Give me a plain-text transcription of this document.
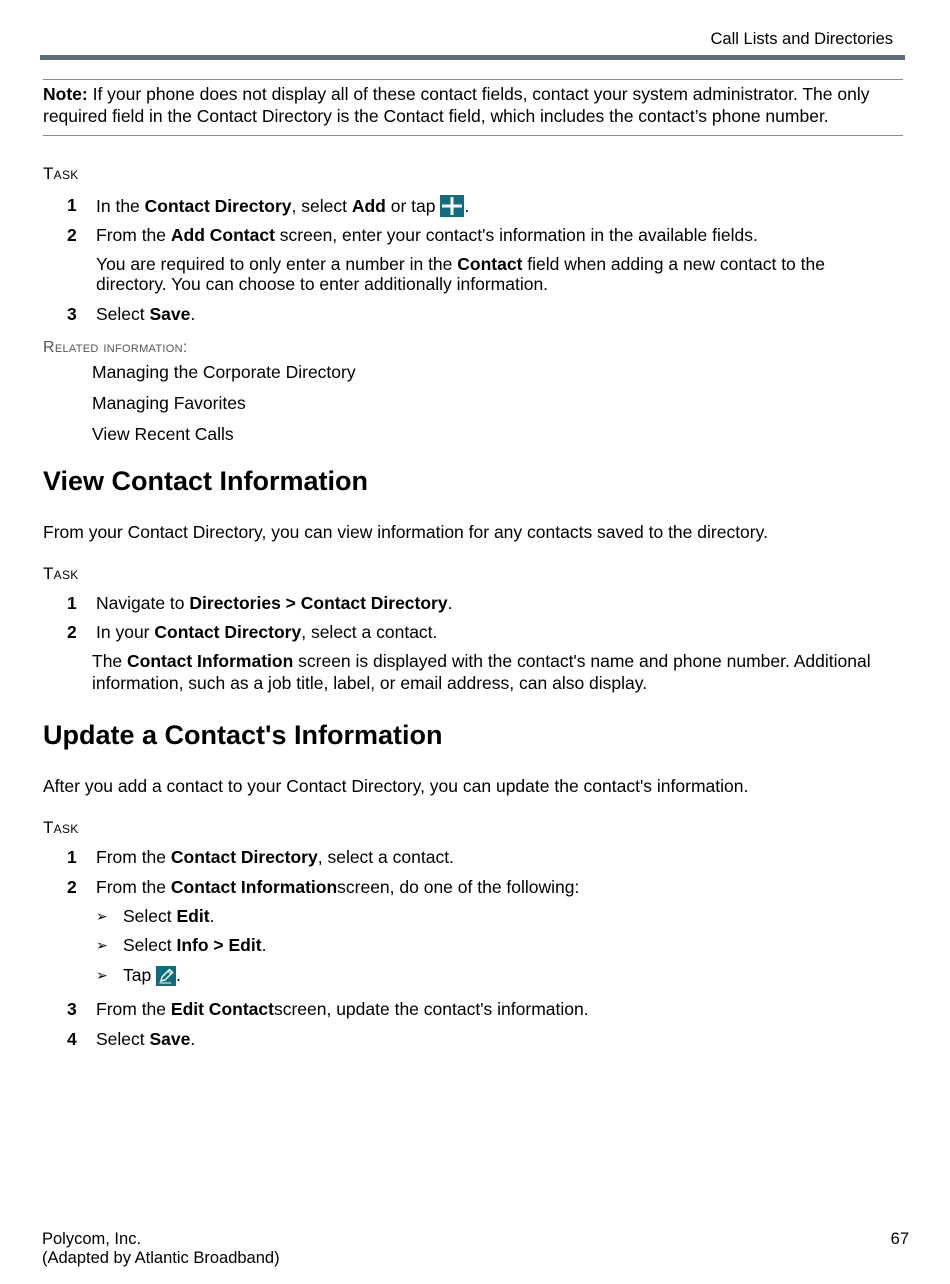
Call Lists and Directories
Note: If your phone does not display all of these contact fields, contact your system administrator. The only
required field in the Contact Directory is the Contact field, which includes the contact’s phone number.
Task
1 In the Contact Directory, select Add or tap .
2 From the Add Contact screen, enter your contact's information in the available fields.
You are required to only enter a number in the Contact field when adding a new contact to the
directory. You can choose to enter additionally information.
3 Select Save.
Related information:
Managing the Corporate Directory
Managing Favorites
View Recent Calls
View Contact Information
From your Contact Directory, you can view information for any contacts saved to the directory.
Task
1 Navigate to Directories > Contact Directory.
2 In your Contact Directory, select a contact.
The Contact Information screen is displayed with the contact's name and phone number. Additional
information, such as a job title, label, or email address, can also display.
Update a Contact's Information
After you add a contact to your Contact Directory, you can update the contact's information.
Task
1 From the Contact Directory, select a contact.
2 From the Contact Informationscreen, do one of the following:
➢ Select Edit.
➢ Select Info > Edit.
➢ Tap .
3 From the Edit Contactscreen, update the contact's information.
4 Select Save.
Polycom, Inc.
(Adapted by Atlantic Broadband)
67
